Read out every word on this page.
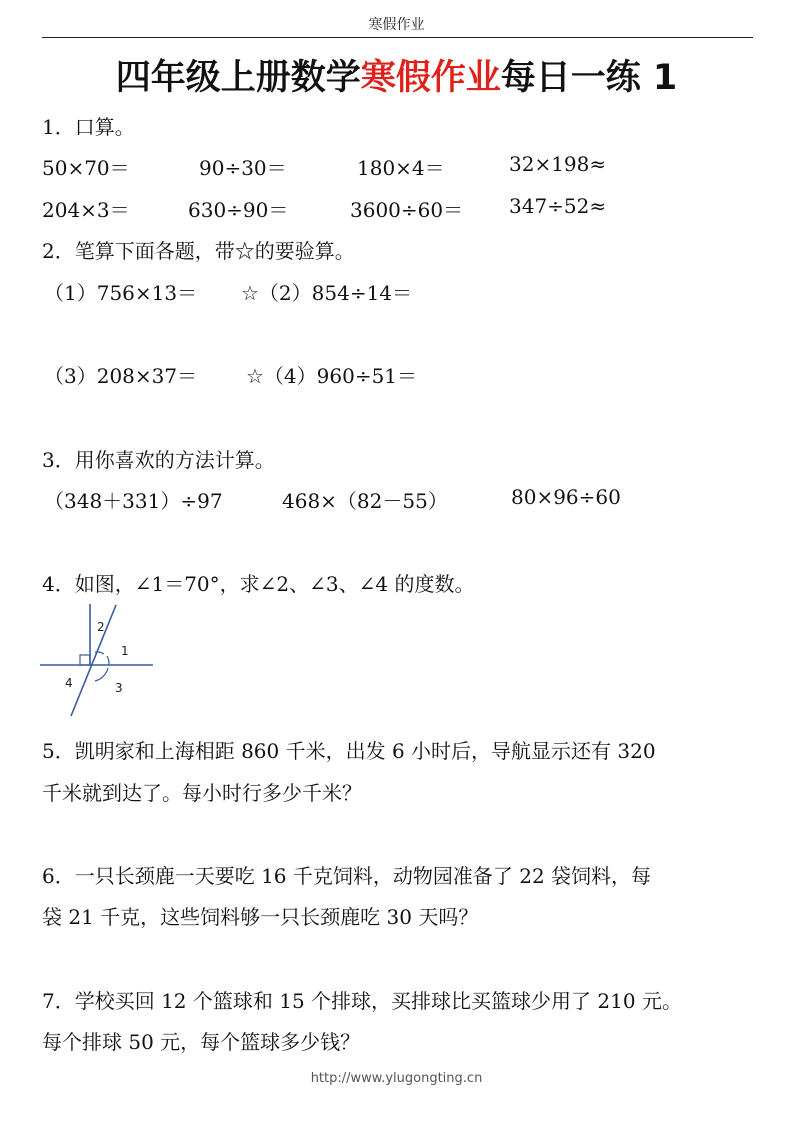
寒假作业
四年级上册数学寒假作业每日一练 1
1．口算。
50×70＝	90÷30＝	180×4＝	32×198≈
204×3＝	630÷90＝	3600÷60＝ 347÷52≈
2．笔算下面各题，带☆的要验算。
（1）756×13＝ ☆（2）854÷14＝
（3）208×37＝ ☆（4）960÷51＝
3．用你喜欢的方法计算。
（348＋331）÷97	468×（82－55）	80×96÷60
4．如图，∠1＝70°，求∠2、∠3、∠4 的度数。
1
2
3
4
5．凯明家和上海相距 860 千米，出发 6 小时后，导航显示还有 320
千米就到达了。每小时行多少千米？
6．一只长颈鹿一天要吃 16 千克饲料，动物园准备了 22 袋饲料，每
袋 21 千克，这些饲料够一只长颈鹿吃 30 天吗？
7．学校买回 12 个篮球和 15 个排球，买排球比买篮球少用了 210 元。
每个排球 50 元，每个篮球多少钱？
http://www.ylugongting.cn
